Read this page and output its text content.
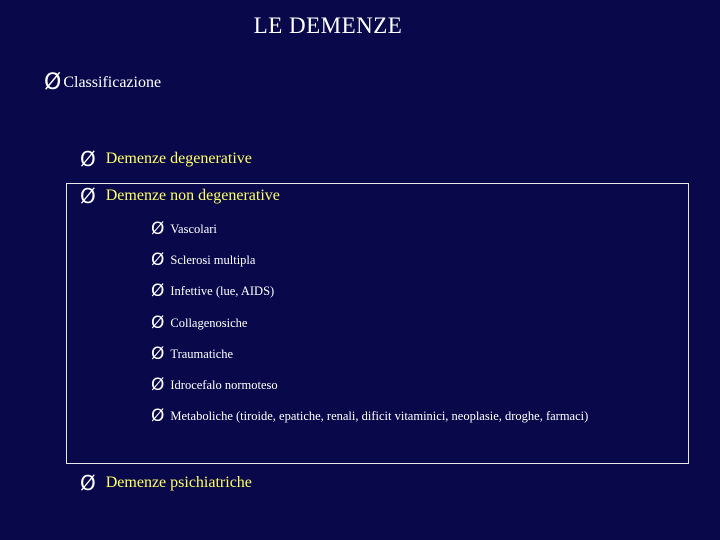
LE DEMENZE
Ø Classificazione
Ø Demenze degenerative
Ø Demenze non degenerative
Ø Vascolari
Ø Sclerosi multipla
Ø Infettive (lue, AIDS)
Ø Collagenosiche
Ø Traumatiche
Ø Idrocefalo normoteso
Ø Metaboliche (tiroide, epatiche, renali, dificit vitaminici, neoplasie, droghe, farmaci)
Ø Demenze psichiatriche
